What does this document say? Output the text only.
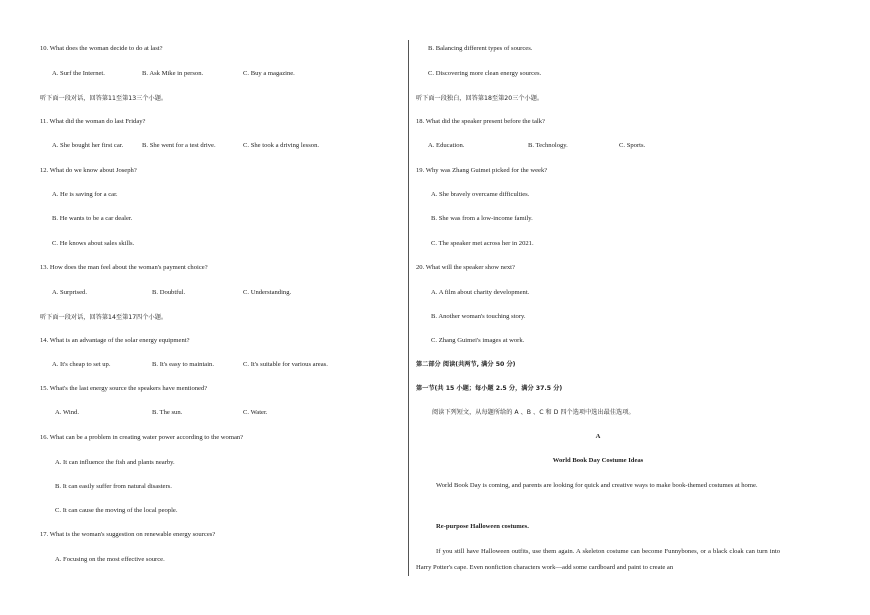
10. What does the woman decide to do at last?
A. Surf the Internet.	B. Ask Mike in person.	C. Buy a magazine.
听下面一段对话，回答第11至第13三个小题。
11. What did the woman do last Friday?
A. She bought her first car.	B. She went for a test drive.	C. She took a driving lesson.
12. What do we know about Joseph?
A. He is saving for a car.
B. He wants to be a car dealer.
C. He knows about sales skills.
13. How does the man feel about the woman's payment choice?
A. Surprised.	B. Doubtful.	C. Understanding.
听下面一段对话，回答第14至第17四个小题。
14. What is an advantage of the solar energy equipment?
A. It's cheap to set up.	B. It's easy to maintain.	C. It's suitable for various areas.
15. What's the last energy source the speakers have mentioned?
A. Wind.	B. The sun.	C. Water.
16. What can be a problem in creating water power according to the woman?
A. It can influence the fish and plants nearby.
B. It can easily suffer from natural disasters.
C. It can cause the moving of the local people.
17. What is the woman's suggestion on renewable energy sources?
A. Focusing on the most effective source.
B. Balancing different types of sources.
C. Discovering more clean energy sources.
听下面一段独白，回答第18至第20三个小题。
18. What did the speaker present before the talk?
A. Education.	B. Technology.	C. Sports.
19. Why was Zhang Guimei picked for the week?
A. She bravely overcame difficulties.
B. She was from a low-income family.
C. The speaker met across her in 2021.
20. What will the speaker show next?
A. A film about charity development.
B. Another woman's touching story.
C. Zhang Guimei's images at work.
第二部分 阅读(共两节, 满分 50 分)
第一节(共 15 小题；每小题 2.5 分，满分 37.5 分)
阅读下列短文，从每题所给的 A 、B 、C 和 D 四个选项中选出最佳选项。
A
World Book Day Costume Ideas
World Book Day is coming, and parents are looking for quick and creative ways to make book-themed costumes at home.
Re-purpose Halloween costumes.
If you still have Halloween outfits, use them again. A skeleton costume can become Funnybones, or a black cloak can turn into Harry Potter's cape. Even nonfiction characters work—add some cardboard and paint to create an
